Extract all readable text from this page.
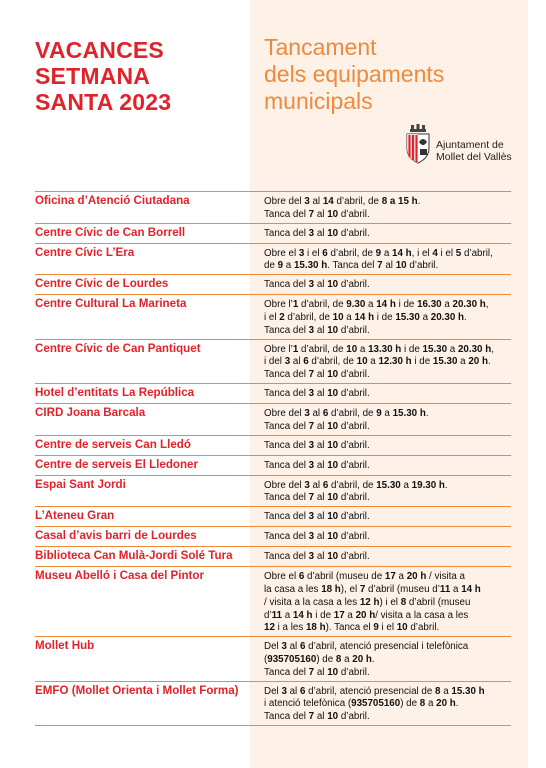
VACANCES
SETMANA
SANTA 2023
Tancament
dels equipaments
municipals
Ajuntament de
Mollet del Vallès
Oficina d’Atenció Ciutadana	Obre del 3 al 14 d’abril, de 8 a 15 h.
Tanca del 7 al 10 d’abril.
Centre Cívic de Can Borrell	Tanca del 3 al 10 d’abril.
Centre Cívic L’Era	Obre el 3 i el 6 d’abril, de 9 a 14 h, i el 4 i el 5 d’abril,
de 9 a 15.30 h. Tanca del 7 al 10 d’abril.
Centre Cívic de Lourdes	Tanca del 3 al 10 d’abril.
Centre Cultural La Marineta	Obre l’1 d’abril, de 9.30 a 14 h i de 16.30 a 20.30 h,
i el 2 d’abril, de 10 a 14 h i de 15.30 a 20.30 h.
Tanca del 3 al 10 d’abril.
Centre Cívic de Can Pantiquet	Obre l’1 d’abril, de 10 a 13.30 h i de 15.30 a 20.30 h,
i del 3 al 6 d’abril, de 10 a 12.30 h i de 15.30 a 20 h.
Tanca del 7 al 10 d’abril.
Hotel d’entitats La República	Tanca del 3 al 10 d’abril.
CIRD Joana Barcala	Obre del 3 al 6 d’abril, de 9 a 15.30 h.
Tanca del 7 al 10 d’abril.
Centre de serveis Can Lledó	Tanca del 3 al 10 d’abril.
Centre de serveis El Lledoner	Tanca del 3 al 10 d’abril.
Espai Sant Jordi	Obre del 3 al 6 d’abril, de 15.30 a 19.30 h.
Tanca del 7 al 10 d’abril.
L’Ateneu Gran	Tanca del 3 al 10 d’abril.
Casal d’avis barri de Lourdes	Tanca del 3 al 10 d’abril.
Biblioteca Can Mulà-Jordi Solé Tura	Tanca del 3 al 10 d’abril.
Museu Abelló i Casa del Pintor	Obre el 6 d’abril (museu de 17 a 20 h / visita a
la casa a les 18 h), el 7 d’abril (museu d’11 a 14 h
/ visita a la casa a les 12 h) i el 8 d’abril (museu
d’11 a 14 h i de 17 a 20 h/ visita a la casa a les
12 i a les 18 h). Tanca el 9 i el 10 d’abril.
Mollet Hub	Del 3 al 6 d’abril, atenció presencial i telefònica
(935705160) de 8 a 20 h.
Tanca del 7 al 10 d’abril.
EMFO (Mollet Orienta i Mollet Forma)	Del 3 al 6 d’abril, atenció presencial de 8 a 15.30 h
i atenció telefònica (935705160) de 8 a 20 h.
Tanca del 7 al 10 d’abril.
